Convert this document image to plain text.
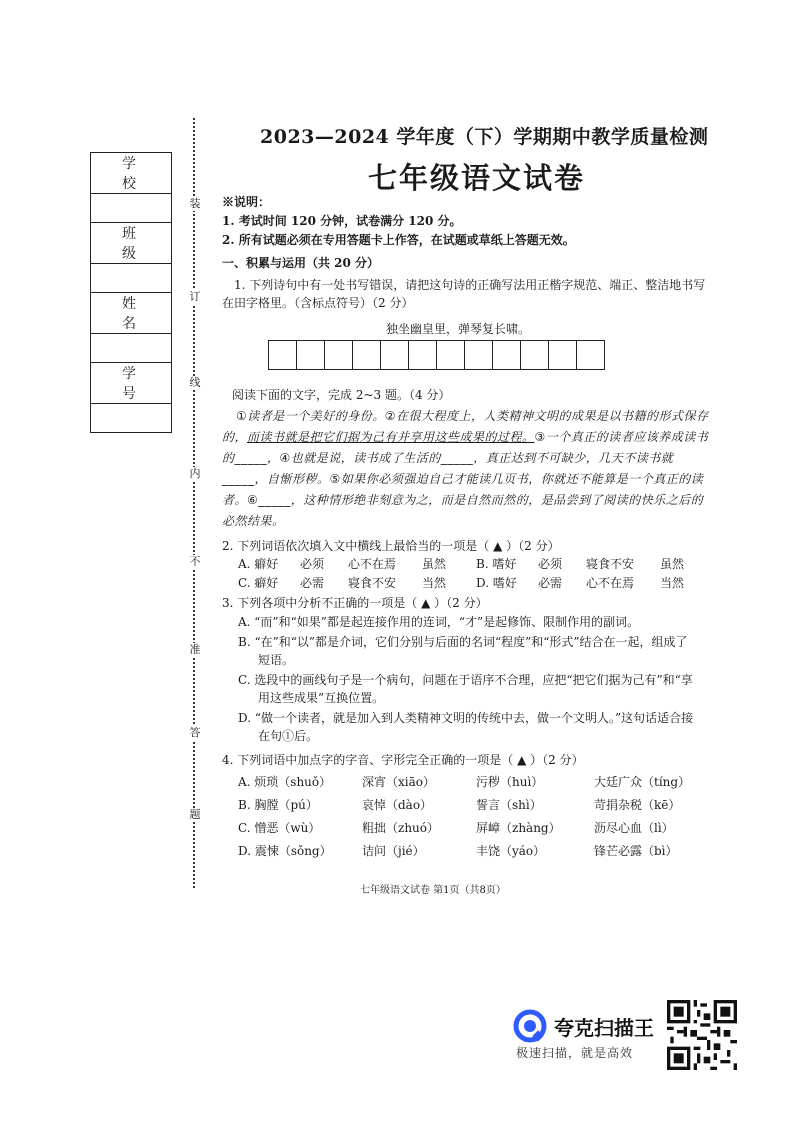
学 校

班 级

姓 名

学 号

装
订
线
内
不
准
答
题
2023—2024 学年度（下）学期期中教学质量检测
七年级语文试卷
※说明：
1. 考试时间 120 分钟，试卷满分 120 分。
2. 所有试题必须在专用答题卡上作答，在试题或草纸上答题无效。
一、积累与运用（共 20 分）
1. 下列诗句中有一处书写错误，请把这句诗的正确写法用正楷字规范、端正、整洁地书写在田字格里。（含标点符号）（2 分）
独坐幽皇里，弹琴复长啸。
阅读下面的文字，完成 2~3 题。（4 分）
①读者是一个美好的身份。②在很大程度上，人类精神文明的成果是以书籍的形式保存的，而读书就是把它们据为己有并享用这些成果的过程。③一个真正的读者应该养成读书的_____，④也就是说，读书成了生活的_____，真正达到不可缺少，几天不读书就_____，自惭形秽。⑤如果你必须强迫自己才能读几页书，你就还不能算是一个真正的读者。⑥_____，这种情形绝非刻意为之，而是自然而然的，是品尝到了阅读的快乐之后的必然结果。
2. 下列词语依次填入文中横线上最恰当的一项是（ ▲ ）（2 分）
A. 癖好	必须	心不在焉	虽然	B. 嗜好	必须	寝食不安	虽然
C. 癖好	必需	寝食不安	当然	D. 嗜好	必需	心不在焉	当然
3. 下列各项中分析不正确的一项是（ ▲ ）（2 分）
A. “而”和“如果”都是起连接作用的连词，“才”是起修饰、限制作用的副词。
B. “在”和“以”都是介词，它们分别与后面的名词“程度”和“形式”结合在一起，组成了短语。
C. 选段中的画线句子是一个病句，问题在于语序不合理，应把“把它们据为己有”和“享用这些成果”互换位置。
D. “做一个读者，就是加入到人类精神文明的传统中去，做一个文明人。”这句话适合接在句①后。
4. 下列词语中加点字的字音、字形完全正确的一项是（ ▲ ）（2 分）
A. 烦琐（shuǒ）	深宵（xiāo）	污秽（huì）	大廷广众（tíng）
B. 胸膛（pú）	哀悼（dào）	誓言（shì）	苛捐杂税（kē）
C. 憎恶（wù）	粗拙（zhuó）	屏嶂（zhàng）	沥尽心血（lì）
D. 震悚（sǒng）	诘问（jié）	丰饶（yáo）	锋芒必露（bì）
七年级语文试卷 第1页（共8页）
夸克扫描王
极速扫描，就是高效
